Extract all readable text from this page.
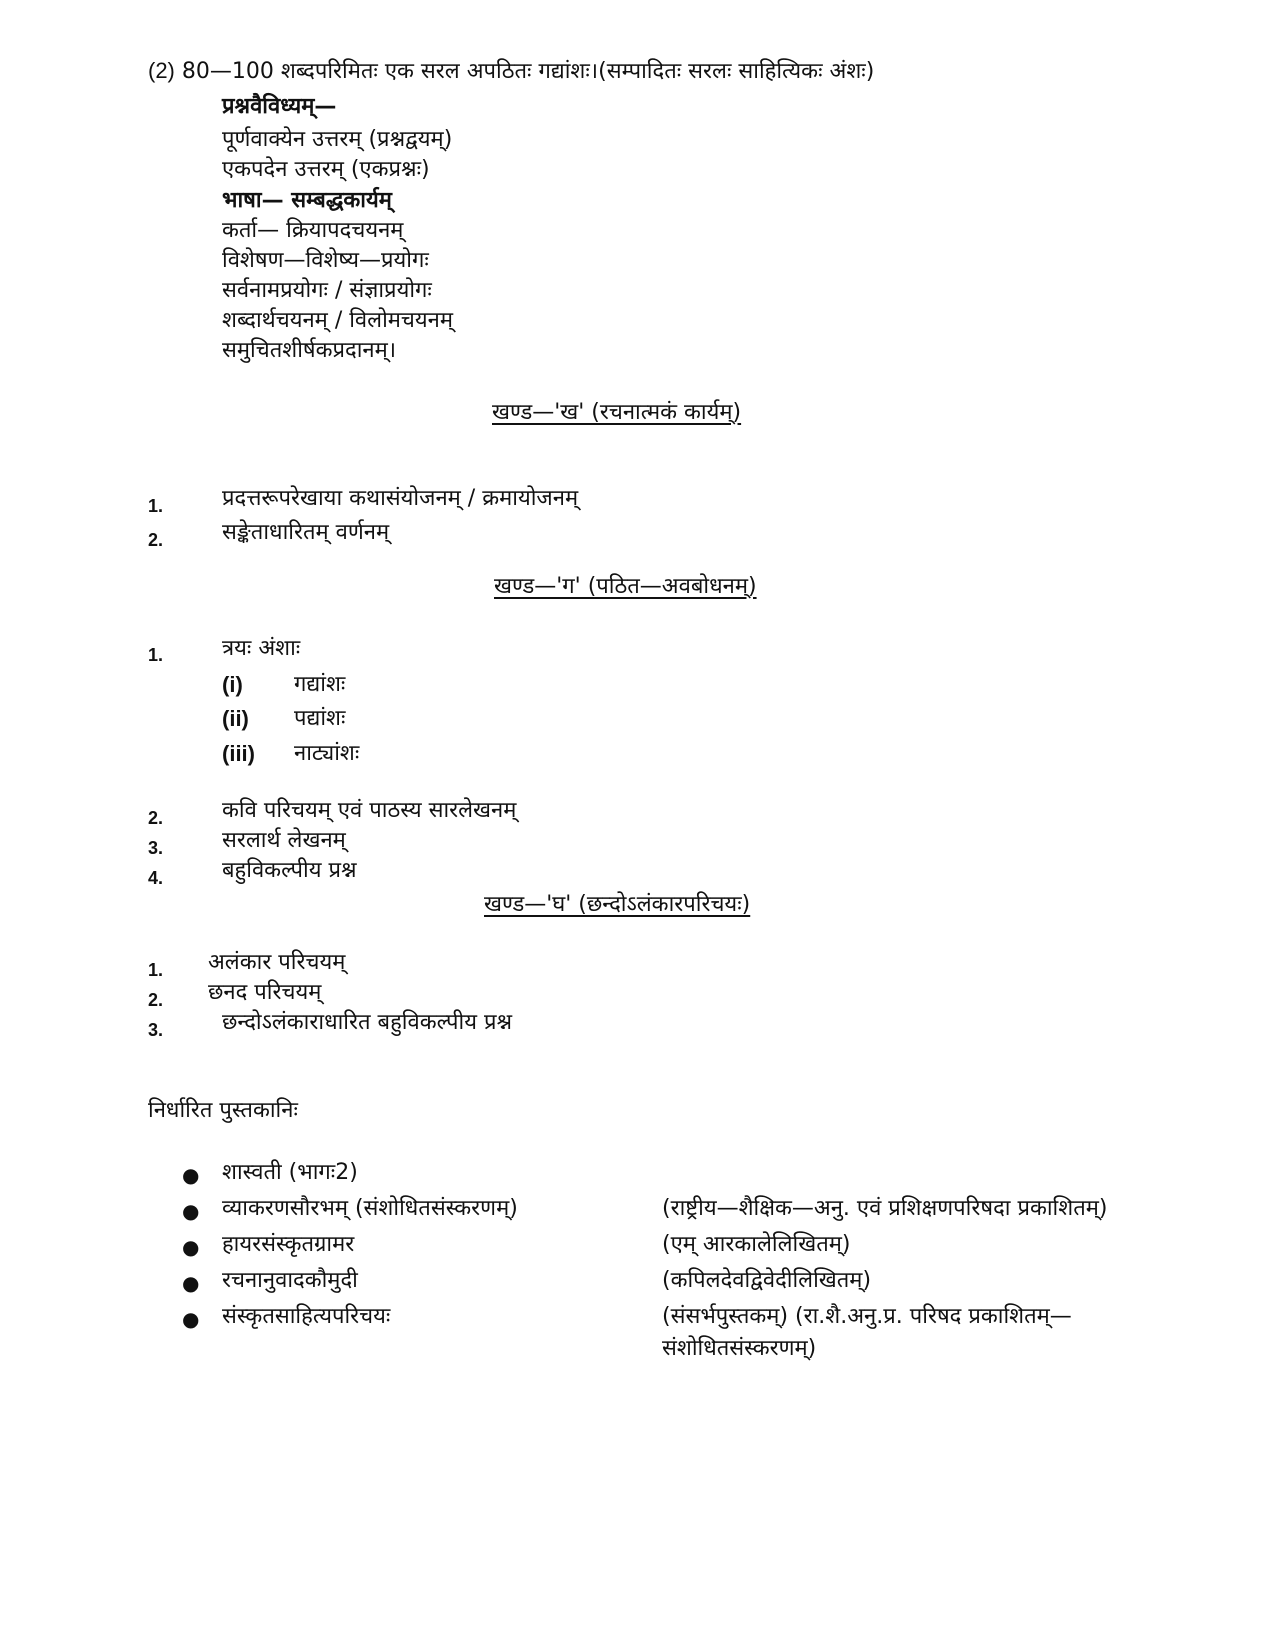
(2) 80—100 शब्दपरिमितः एक सरल अपठितः गद्यांशः।(सम्पादितः सरलः साहित्यिकः अंशः)
प्रश्नवैविध्यम्—
पूर्णवाक्येन उत्तरम् (प्रश्नद्वयम्)
एकपदेन उत्तरम् (एकप्रश्नः)
भाषा— सम्बद्धकार्यम्
कर्ता— क्रियापदचयनम्
विशेषण—विशेष्य—प्रयोगः
सर्वनामप्रयोगः / संज्ञाप्रयोगः
शब्दार्थचयनम् / विलोमचयनम्
समुचितशीर्षकप्रदानम्।
खण्ड—'ख' (रचनात्मकं कार्यम्)
1.	प्रदत्तरूपरेखाया कथासंयोजनम् / क्रमायोजनम्
2.	सङ्केताधारितम् वर्णनम्
खण्ड—'ग' (पठित—अवबोधनम्)
1.	त्रयः अंशाः
(i) गद्यांशः
(ii) पद्यांशः
(iii) नाट्यांशः
2.	कवि परिचयम् एवं पाठस्य सारलेखनम्
3.	सरलार्थ लेखनम्
4.	बहुविकल्पीय प्रश्न
खण्ड—'घ' (छन्दोऽलंकारपरिचयः)
1. अलंकार परिचयम्
2. छनद परिचयम्
3.	छन्दोऽलंकाराधारित बहुविकल्पीय प्रश्न
निर्धारित पुस्तकानिः
● शास्वती (भागः2)
● व्याकरणसौरभम् (संशोधितसंस्करणम्)	(राष्ट्रीय—शैक्षिक—अनु. एवं प्रशिक्षणपरिषदा प्रकाशितम्)
● हायरसंस्कृतग्रामर	(एम् आरकालेलिखितम्)
● रचनानुवादकौमुदी	(कपिलदेवद्विवेदीलिखितम्)
● संस्कृतसाहित्यपरिचयः	(संसर्भपुस्तकम्) (रा.शै.अनु.प्र. परिषद प्रकाशितम्—
संशोधितसंस्करणम्)
